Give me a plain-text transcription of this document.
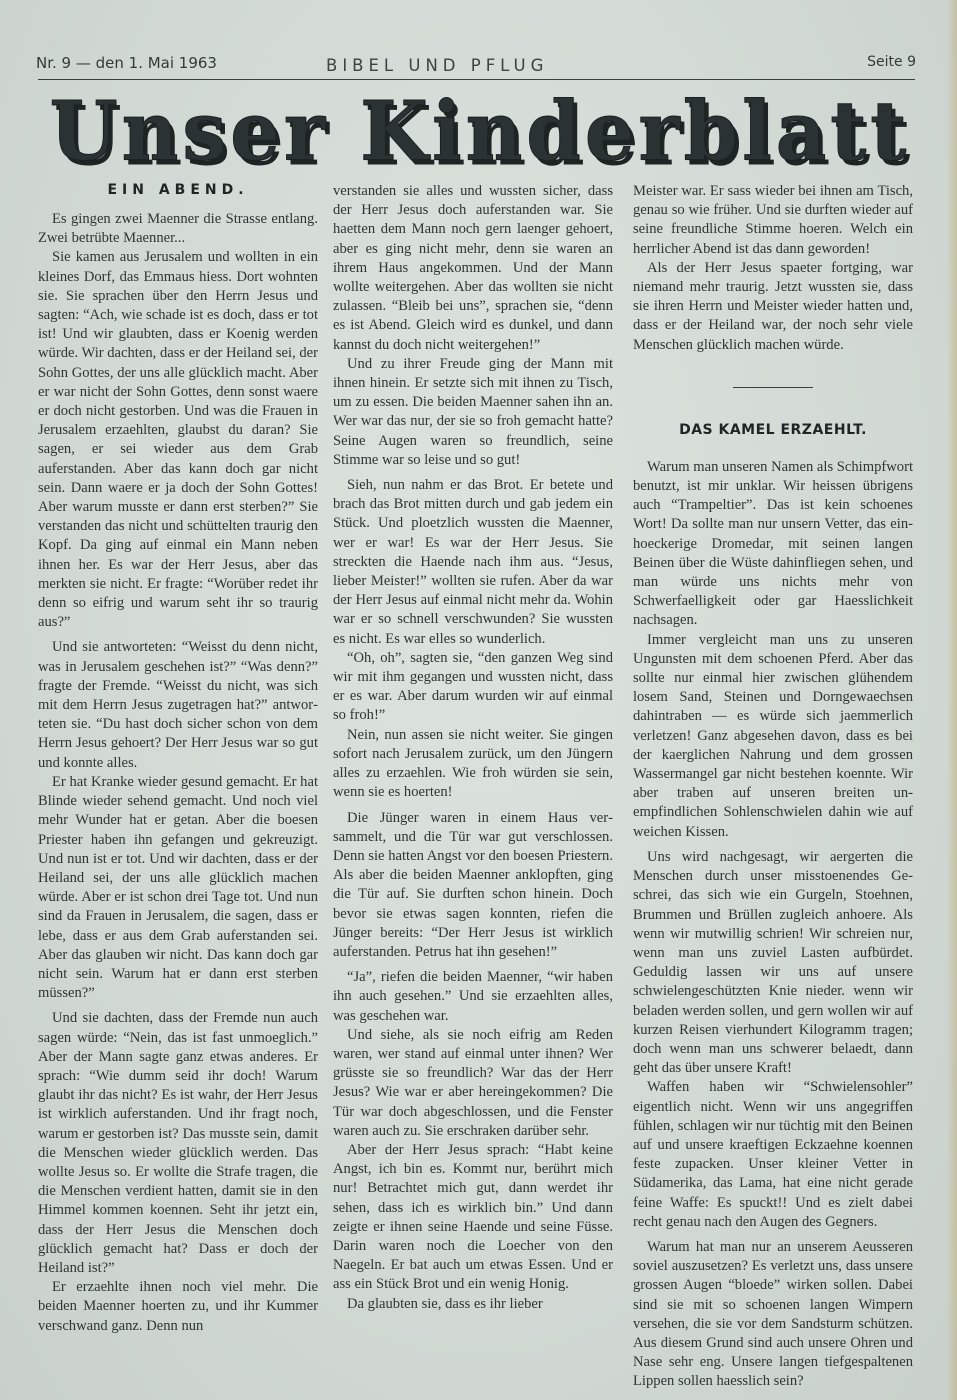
Nr. 9 — den 1. Mai 1963	BIBEL UND PFLUG	Seite 9
Unser Kinderblatt
EIN ABEND.

Es gingen zwei Maenner die Strasse entlang. Zwei betrübte Maenner...

Sie kamen aus Jerusalem und wollten in ein kleines Dorf, das Emmaus hiess. Dort wohnten sie. Sie sprachen über den Herrn Jesus und sagten: “Ach, wie schade ist es doch, dass er tot ist! Und wir glaubten, dass er Koenig werden würde. Wir dachten, dass er der Heiland sei, der Sohn Gottes, der uns alle glücklich macht. Aber er war nicht der Sohn Gottes, denn sonst waere er doch nicht gestorben. Und was die Frauen in Jerusalem erzaehlten, glaubst du daran? Sie sagen, er sei wieder aus dem Grab auferstanden. Aber das kann doch gar nicht sein. Dann waere er ja doch der Sohn Gottes! Aber warum musste er dann erst sterben?” Sie verstanden das nicht und schüttelten traurig den Kopf. Da ging auf einmal ein Mann neben ihnen her. Es war der Herr Jesus, aber das merkten sie nicht. Er fragte: “Worüber redet ihr denn so eifrig und warum seht ihr so traurig aus?”

Und sie antworteten: “Weisst du denn nicht, was in Jerusalem geschehen ist?” “Was denn?” fragte der Fremde. “Weisst du nicht, was sich mit dem Herrn Jesus zugetragen hat?” antworteten sie. “Du hast doch sicher schon von dem Herrn Jesus gehoert? Der Herr Jesus war so gut und konnte alles.

Er hat Kranke wieder gesund gemacht. Er hat Blinde wieder sehend gemacht. Und noch viel mehr Wunder hat er getan. Aber die boesen Priester haben ihn gefangen und gekreuzigt. Und nun ist er tot. Und wir dachten, dass er der Heiland sei, der uns alle glücklich machen würde. Aber er ist schon drei Tage tot. Und nun sind da Frauen in Jerusalem, die sagen, dass er lebe, dass er aus dem Grab auferstanden sei. Aber das glauben wir nicht. Das kann doch gar nicht sein. Warum hat er dann erst sterben müssen?”

Und sie dachten, dass der Fremde nun auch sagen würde: “Nein, das ist fast unmoeglich.” Aber der Mann sagte ganz etwas anderes. Er sprach: “Wie dumm seid ihr doch! Warum glaubt ihr das nicht? Es ist wahr, der Herr Jesus ist wirklich auferstanden. Und ihr fragt noch, warum er gestorben ist? Das musste sein, damit die Menschen wieder glücklich werden. Das wollte Jesus so. Er wollte die Strafe tragen, die die Menschen verdient hatten, damit sie in den Himmel kommen koennen. Seht ihr jetzt ein, dass der Herr Jesus die Menschen doch glücklich gemacht hat? Dass er doch der Heiland ist?”

Er erzaehlte ihnen noch viel mehr. Die beiden Maenner hoerten zu, und ihr Kummer verschwand ganz. Denn nun

verstanden sie alles und wussten sicher, dass der Herr Jesus doch auferstanden war. Sie haetten dem Mann noch gern laenger gehoert, aber es ging nicht mehr, denn sie waren an ihrem Haus angekommen. Und der Mann wollte weitergehen. Aber das wollten sie nicht zulassen. “Bleib bei uns”, sprachen sie, “denn es ist Abend. Gleich wird es dunkel, und dann kannst du doch nicht weitergehen!”

Und zu ihrer Freude ging der Mann mit ihnen hinein. Er setzte sich mit ihnen zu Tisch, um zu essen. Die beiden Maenner sahen ihn an. Wer war das nur, der sie so froh gemacht hatte? Seine Augen waren so freundlich, seine Stimme war so leise und so gut!

Sieh, nun nahm er das Brot. Er betete und brach das Brot mitten durch und gab jedem ein Stück. Und ploetzlich wussten die Maenner, wer er war! Es war der Herr Jesus. Sie streckten die Haende nach ihm aus. “Jesus, lieber Meister!” wollten sie rufen. Aber da war der Herr Jesus auf einmal nicht mehr da. Wohin war er so schnell verschwunden? Sie wussten es nicht. Es war elles so wunderlich.

“Oh, oh”, sagten sie, “den ganzen Weg sind wir mit ihm gegangen und wussten nicht, dass er es war. Aber darum wurden wir auf einmal so froh!”

Nein, nun assen sie nicht weiter. Sie gingen sofort nach Jerusalem zurück, um den Jüngern alles zu erzaehlen. Wie froh würden sie sein, wenn sie es hoerten!

Die Jünger waren in einem Haus versammelt, und die Tür war gut verschlossen. Denn sie hatten Angst vor den boesen Priestern. Als aber die beiden Maenner anklopften, ging die Tür auf. Sie durften schon hinein. Doch bevor sie etwas sagen konnten, riefen die Jünger bereits: “Der Herr Jesus ist wirklich auferstanden. Petrus hat ihn gesehen!”

“Ja”, riefen die beiden Maenner, “wir haben ihn auch gesehen.” Und sie erzaehlten alles, was geschehen war.

Und siehe, als sie noch eifrig am Reden waren, wer stand auf einmal unter ihnen? Wer grüsste sie so freundlich? War das der Herr Jesus? Wie war er aber hereingekommen? Die Tür war doch abgeschlossen, und die Fenster waren auch zu. Sie erschraken darüber sehr.

Aber der Herr Jesus sprach: “Habt keine Angst, ich bin es. Kommt nur, berührt mich nur! Betrachtet mich gut, dann werdet ihr sehen, dass ich es wirklich bin.” Und dann zeigte er ihnen seine Haende und seine Füsse. Darin waren noch die Loecher von den Naegeln. Er bat auch um etwas Essen. Und er ass ein Stück Brot und ein wenig Honig.

Da glaubten sie, dass es ihr lieber

Meister war. Er sass wieder bei ihnen am Tisch, genau so wie früher. Und sie durften wieder auf seine freundliche Stimme hoeren. Welch ein herrlicher Abend ist das dann geworden!

Als der Herr Jesus spaeter fortging, war niemand mehr traurig. Jetzt wussten sie, dass sie ihren Herrn und Meister wieder hatten und, dass er der Heiland war, der noch sehr viele Menschen glücklich machen würde.

DAS KAMEL ERZAEHLT.

Warum man unseren Namen als Schimpfwort benutzt, ist mir unklar. Wir heissen übrigens auch “Trampeltier”. Das ist kein schoenes Wort! Da sollte man nur unsern Vetter, das einhoeckerige Dromedar, mit seinen langen Beinen über die Wüste dahinfliegen sehen, und man würde uns nichts mehr von Schwerfaelligkeit oder gar Haesslichkeit nachsagen.

Immer vergleicht man uns zu unseren Ungunsten mit dem schoenen Pferd. Aber das sollte nur einmal hier zwischen glühendem losem Sand, Steinen und Dorngewaechsen dahintraben — es würde sich jaemmerlich verletzen! Ganz abgesehen davon, dass es bei der kaerglichen Nahrung und dem grossen Wassermangel gar nicht bestehen koennte. Wir aber traben auf unseren breiten unempfindlichen Sohlenschwielen dahin wie auf weichen Kissen.

Uns wird nachgesagt, wir aergerten die Menschen durch unser misstoenendes Geschrei, das sich wie ein Gurgeln, Stoehnen, Brummen und Brüllen zugleich anhoere. Als wenn wir mutwillig schrien! Wir schreien nur, wenn man uns zuviel Lasten aufbürdet. Geduldig lassen wir uns auf unsere schwielengeschützten Knie nieder. wenn wir beladen werden sollen, und gern wollen wir auf kurzen Reisen vierhundert Kilogramm tragen; doch wenn man uns schwerer belaedt, dann geht das über unsere Kraft!

Waffen haben wir “Schwielensohler” eigentlich nicht. Wenn wir uns angegriffen fühlen, schlagen wir nur tüchtig mit den Beinen auf und unsere kraeftigen Eckzaehne koennen feste zupacken. Unser kleiner Vetter in Südamerika, das Lama, hat eine nicht gerade feine Waffe: Es spuckt!! Und es zielt dabei recht genau nach den Augen des Gegners.

Warum hat man nur an unserem Aeusseren soviel auszusetzen? Es verletzt uns, dass unsere grossen Augen “bloede” wirken sollen. Dabei sind sie mit so schoenen langen Wimpern versehen, die sie vor dem Sandsturm schützen. Aus diesem Grund sind auch unsere Ohren und Nase sehr eng. Unsere langen tiefgespaltenen Lippen sollen haesslich sein?
